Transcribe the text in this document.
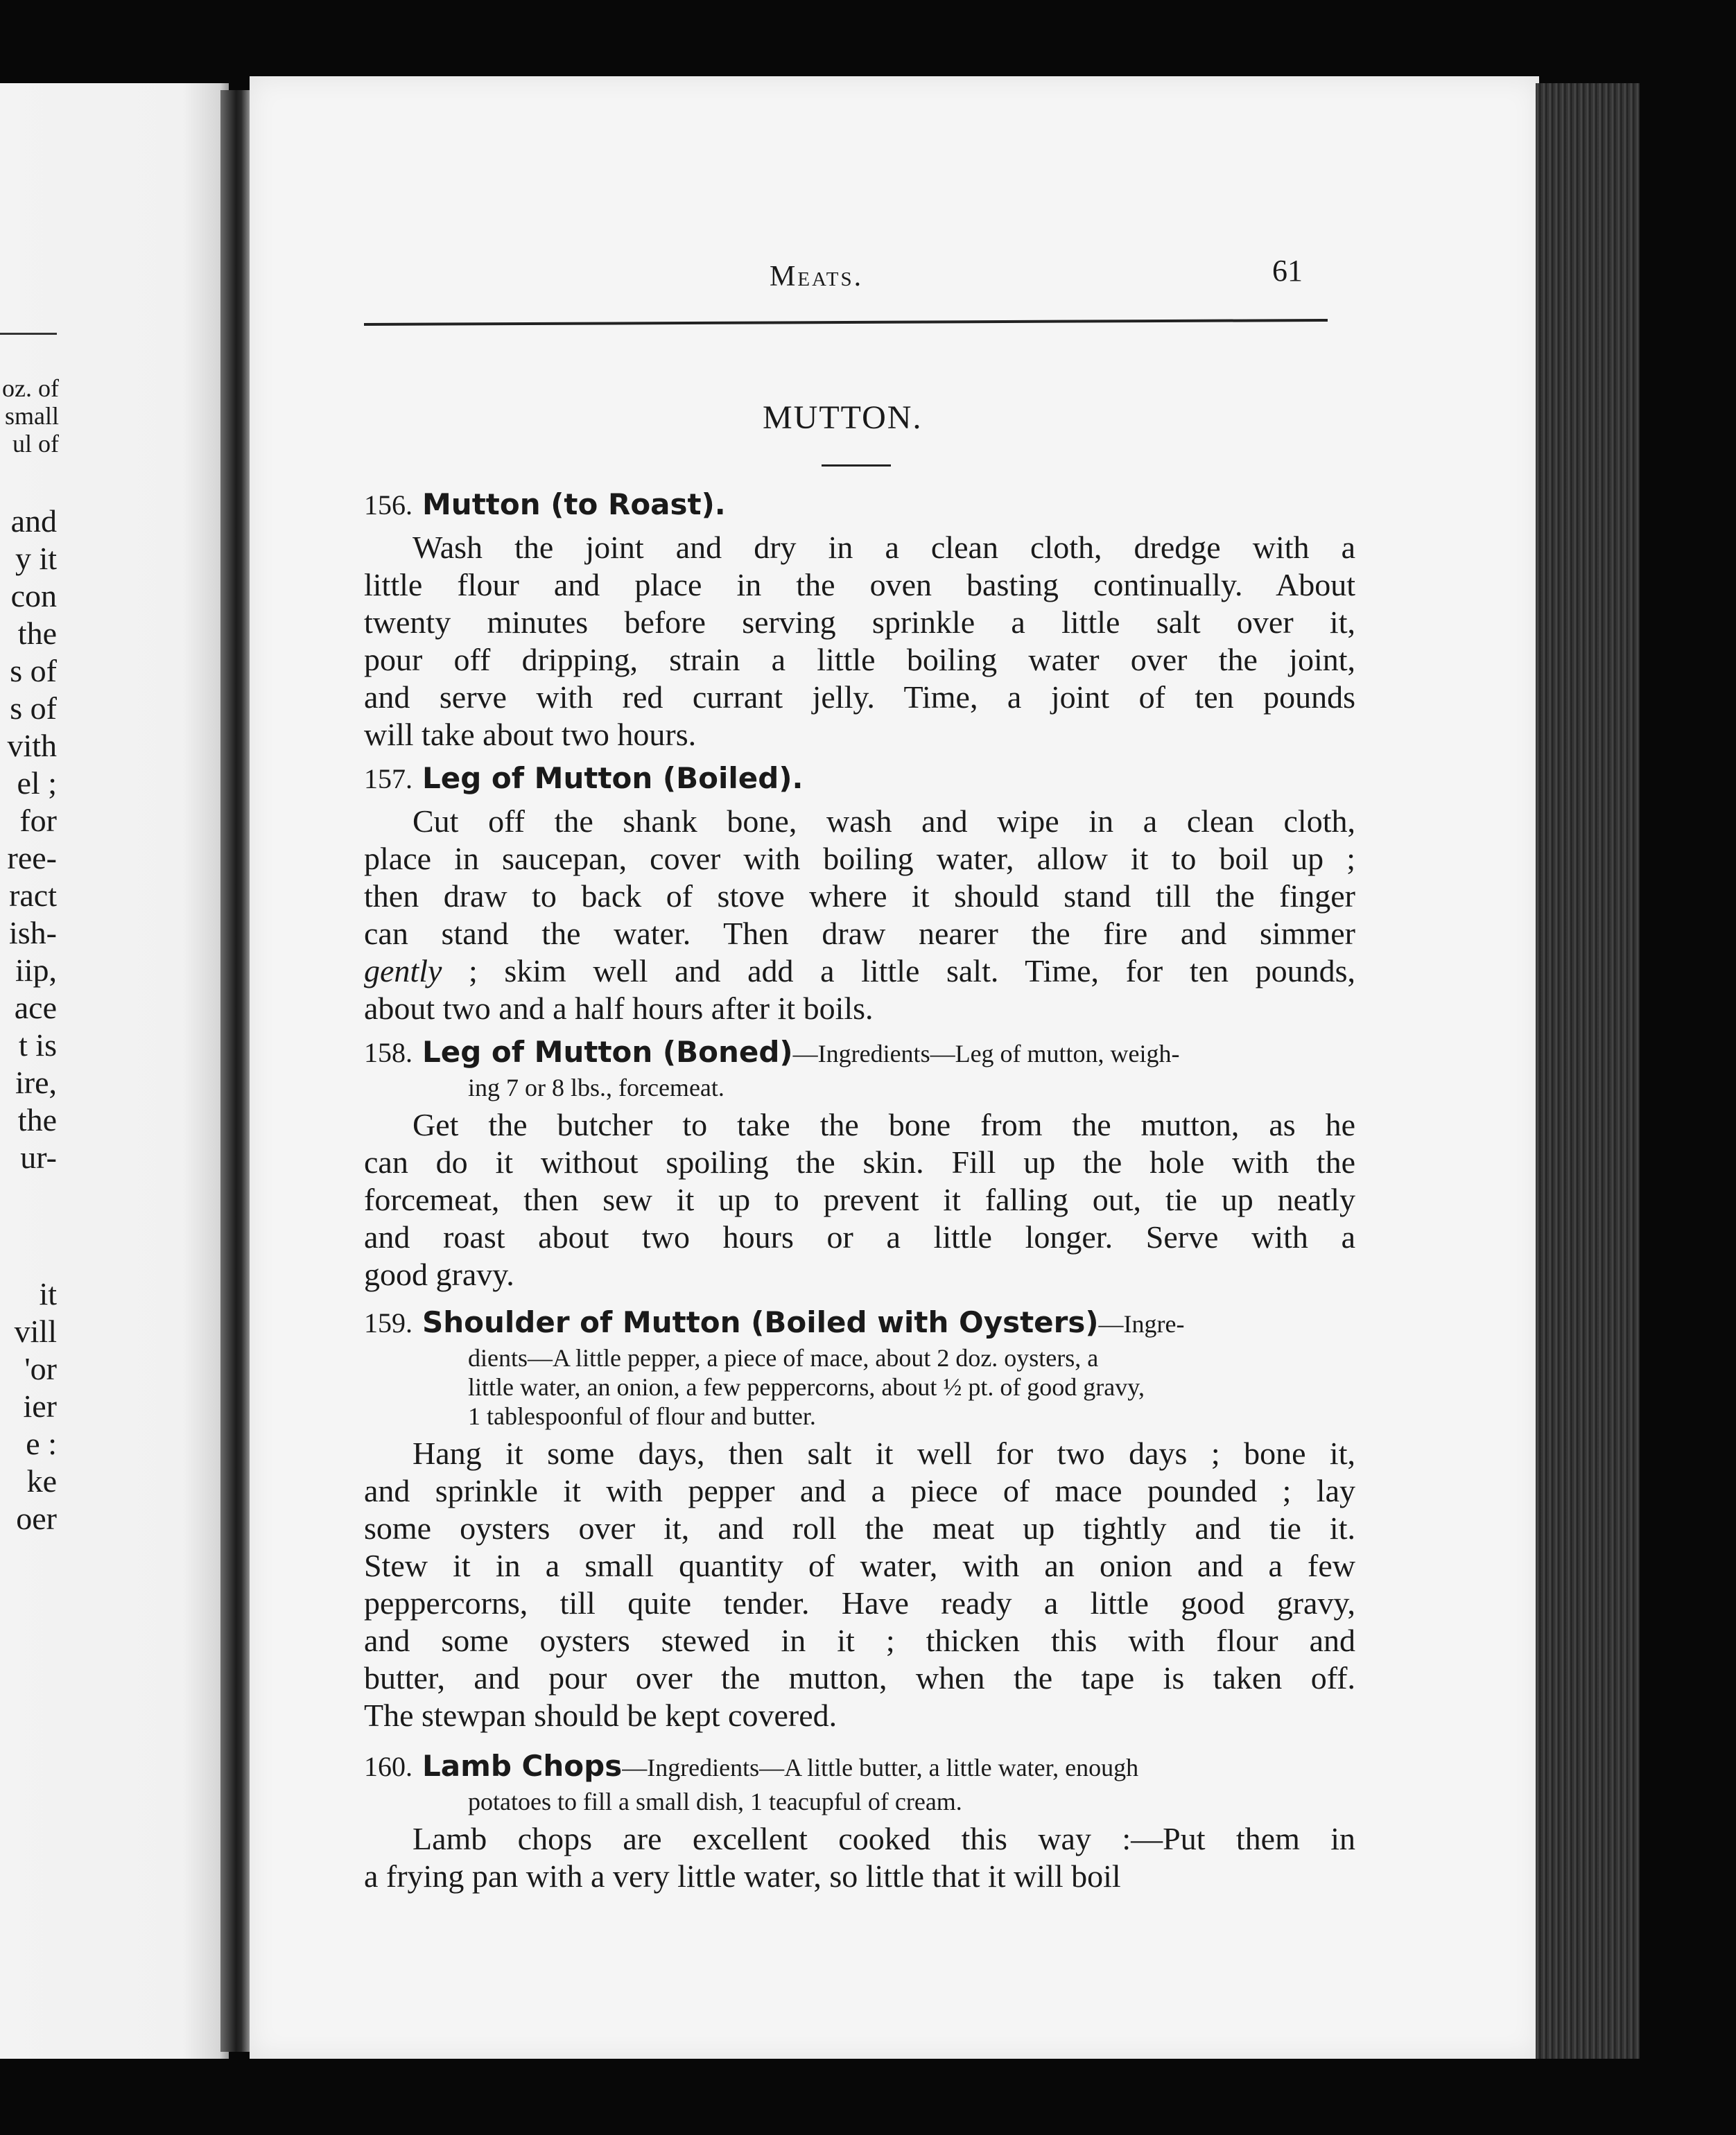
oz. of
small
ul of
and
y it
con
the
s of
s of
vith
el ;
for
ree-
ract
ish-
iip,
ace
t is
ire,
the
ur-
it
vill
'or
ier
e :
ke
oer
Meats.	61
MUTTON.
156. Mutton (to Roast).
Wash the joint and dry in a clean cloth, dredge with a
little flour and place in the oven basting continually. About
twenty minutes before serving sprinkle a little salt over it,
pour off dripping, strain a little boiling water over the joint,
and serve with red currant jelly. Time, a joint of ten pounds
will take about two hours.
157. Leg of Mutton (Boiled).
Cut off the shank bone, wash and wipe in a clean cloth,
place in saucepan, cover with boiling water, allow it to boil up ;
then draw to back of stove where it should stand till the finger
can stand the water. Then draw nearer the fire and simmer
gently ; skim well and add a little salt. Time, for ten pounds,
about two and a half hours after it boils.
158. Leg of Mutton (Boned)—Ingredients—Leg of mutton, weigh-
ing 7 or 8 lbs., forcemeat.
Get the butcher to take the bone from the mutton, as he
can do it without spoiling the skin. Fill up the hole with the
forcemeat, then sew it up to prevent it falling out, tie up neatly
and roast about two hours or a little longer. Serve with a
good gravy.
159. Shoulder of Mutton (Boiled with Oysters)—Ingre-
dients—A little pepper, a piece of mace, about 2 doz. oysters, a
little water, an onion, a few peppercorns, about ½ pt. of good gravy,
1 tablespoonful of flour and butter.
Hang it some days, then salt it well for two days ; bone it,
and sprinkle it with pepper and a piece of mace pounded ; lay
some oysters over it, and roll the meat up tightly and tie it.
Stew it in a small quantity of water, with an onion and a few
peppercorns, till quite tender. Have ready a little good gravy,
and some oysters stewed in it ; thicken this with flour and
butter, and pour over the mutton, when the tape is taken off.
The stewpan should be kept covered.
160. Lamb Chops—Ingredients—A little butter, a little water, enough
potatoes to fill a small dish, 1 teacupful of cream.
Lamb chops are excellent cooked this way :—Put them in
a frying pan with a very little water, so little that it will boil
